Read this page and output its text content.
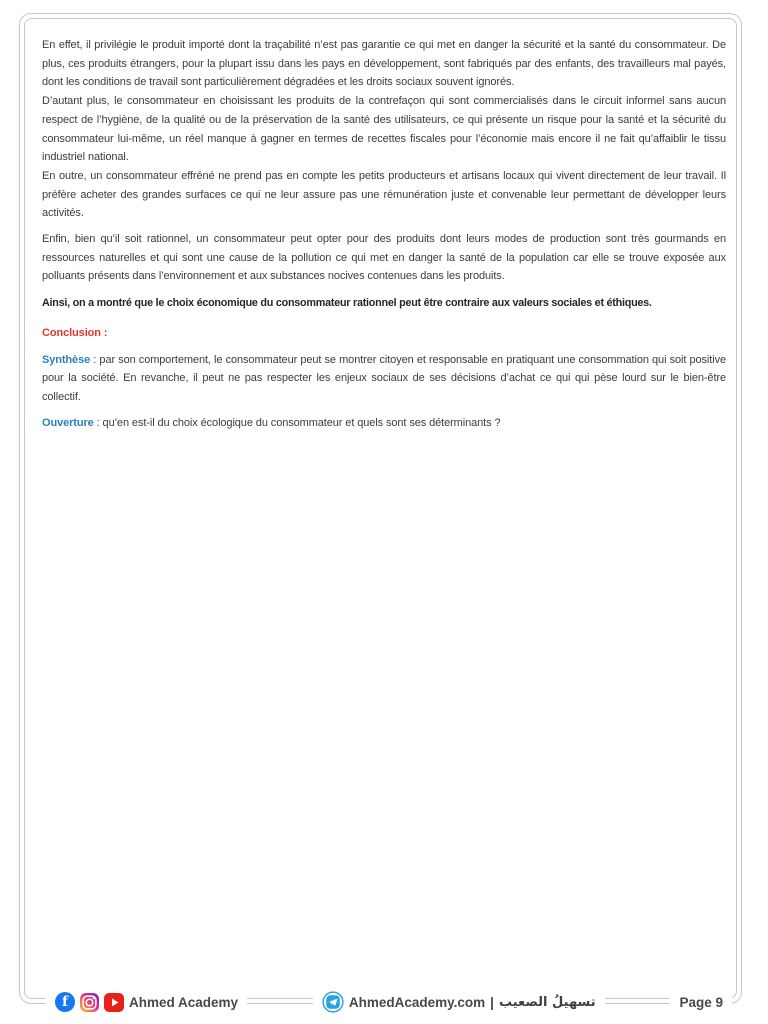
En effet, il privilégie le produit importé dont la traçabilité n’est pas garantie ce qui met en danger la sécurité et la santé du consommateur. De plus, ces produits étrangers, pour la plupart issu dans les pays en développement, sont fabriqués par des enfants, des travailleurs mal payés, dont les conditions de travail sont particulièrement dégradées et les droits sociaux souvent ignorés.

D’autant plus, le consommateur en choisissant les produits de la contrefaçon qui sont commercialisés dans le circuit informel sans aucun respect de l’hygiène, de la qualité ou de la préservation de la santé des utilisateurs, ce qui présente un risque pour la santé et la sécurité du consommateur lui-même, un réel manque à gagner en termes de recettes fiscales pour l’économie mais encore il ne fait qu’affaiblir le tissu industriel national.

En outre, un consommateur effréné ne prend pas en compte les petits producteurs et artisans locaux qui vivent directement de leur travail. Il préfère acheter des grandes surfaces ce qui ne leur assure pas une rémunération juste et convenable leur permettant de développer leurs activités.

Enfin, bien qu’il soit rationnel, un consommateur peut opter pour des produits dont leurs modes de production sont très gourmands en ressources naturelles et qui sont une cause de la pollution ce qui met en danger la santé de la population car elle se trouve exposée aux polluants présents dans l’environnement et aux substances nocives contenues dans les produits.

Ainsi, on a montré que le choix économique du consommateur rationnel peut être contraire aux valeurs sociales et éthiques.

Conclusion :

Synthèse : par son comportement, le consommateur peut se montrer citoyen et responsable en pratiquant une consommation qui soit positive pour la société. En revanche, il peut ne pas respecter les enjeux sociaux de ses décisions d’achat ce qui qui pèse lourd sur le bien-être collectif.

Ouverture : qu’en est-il du choix écologique du consommateur et quels sont ses déterminants ?

f	Ahmed Academy	AhmedAcademy.com | تسهيلُ الصعيب	Page 9
